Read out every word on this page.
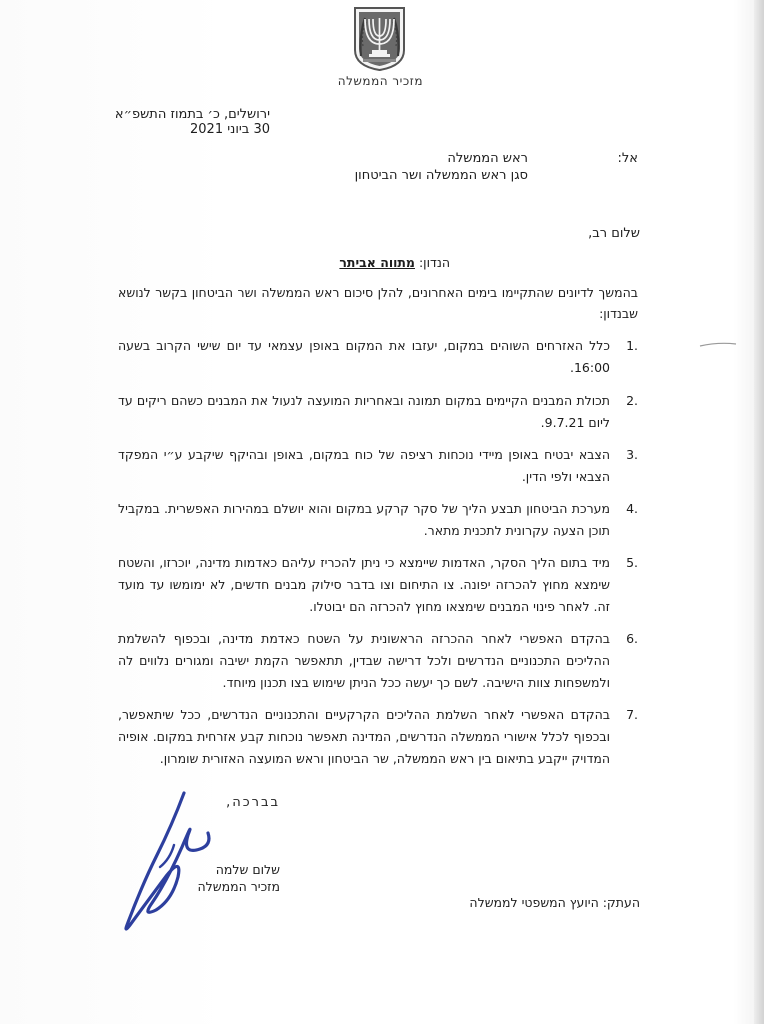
מזכיר הממשלה
ירושלים, כ׳ בתמוז התשפ״א
30 ביוני 2021
אל:
ראש הממשלה
סגן ראש הממשלה ושר הביטחון
שלום רב,
הנדון: מתווה אביתר
בהמשך לדיונים שהתקיימו בימים האחרונים, להלן סיכום ראש הממשלה ושר הביטחון בקשר לנושא שבנדון:
1.
כלל האזרחים השוהים במקום, יעזבו את המקום באופן עצמאי עד יום שישי הקרוב בשעה 16:00.
2.
תכולת המבנים הקיימים במקום תמונה ובאחריות המועצה לנעול את המבנים כשהם ריקים עד ליום 9.7.21.
3.
הצבא יבטיח באופן מיידי נוכחות רציפה של כוח במקום, באופן ובהיקף שיקבע ע״י המפקד הצבאי ולפי הדין.
4.
מערכת הביטחון תבצע הליך של סקר קרקע במקום והוא יושלם במהירות האפשרית. במקביל תוכן הצעה עקרונית לתכנית מתאר.
5.
מיד בתום הליך הסקר, האדמות שיימצא כי ניתן להכריז עליהם כאדמות מדינה, יוכרזו, והשטח שימצא מחוץ להכרזה יפונה. צו התיחום וצו בדבר סילוק מבנים חדשים, לא ימומשו עד מועד זה. לאחר פינוי המבנים שימצאו מחוץ להכרזה הם יבוטלו.
6.
בהקדם האפשרי לאחר ההכרזה הראשונית על השטח כאדמת מדינה, ובכפוף להשלמת ההליכים התכנוניים הנדרשים ולכל דרישה שבדין, תתאפשר הקמת ישיבה ומגורים נלווים לה ולמשפחות צוות הישיבה. לשם כך יעשה ככל הניתן שימוש בצו תכנון מיוחד.
7.
בהקדם האפשרי לאחר השלמת ההליכים הקרקעיים והתכנוניים הנדרשים, ככל שיתאפשר, ובכפוף לכלל אישורי הממשלה הנדרשים, המדינה תאפשר נוכחות קבע אזרחית במקום. אופיה המדויק ייקבע בתיאום בין ראש הממשלה, שר הביטחון וראש המועצה האזורית שומרון.
בברכה,
שלום שלמה
מזכיר הממשלה
העתק: היועץ המשפטי לממשלה
